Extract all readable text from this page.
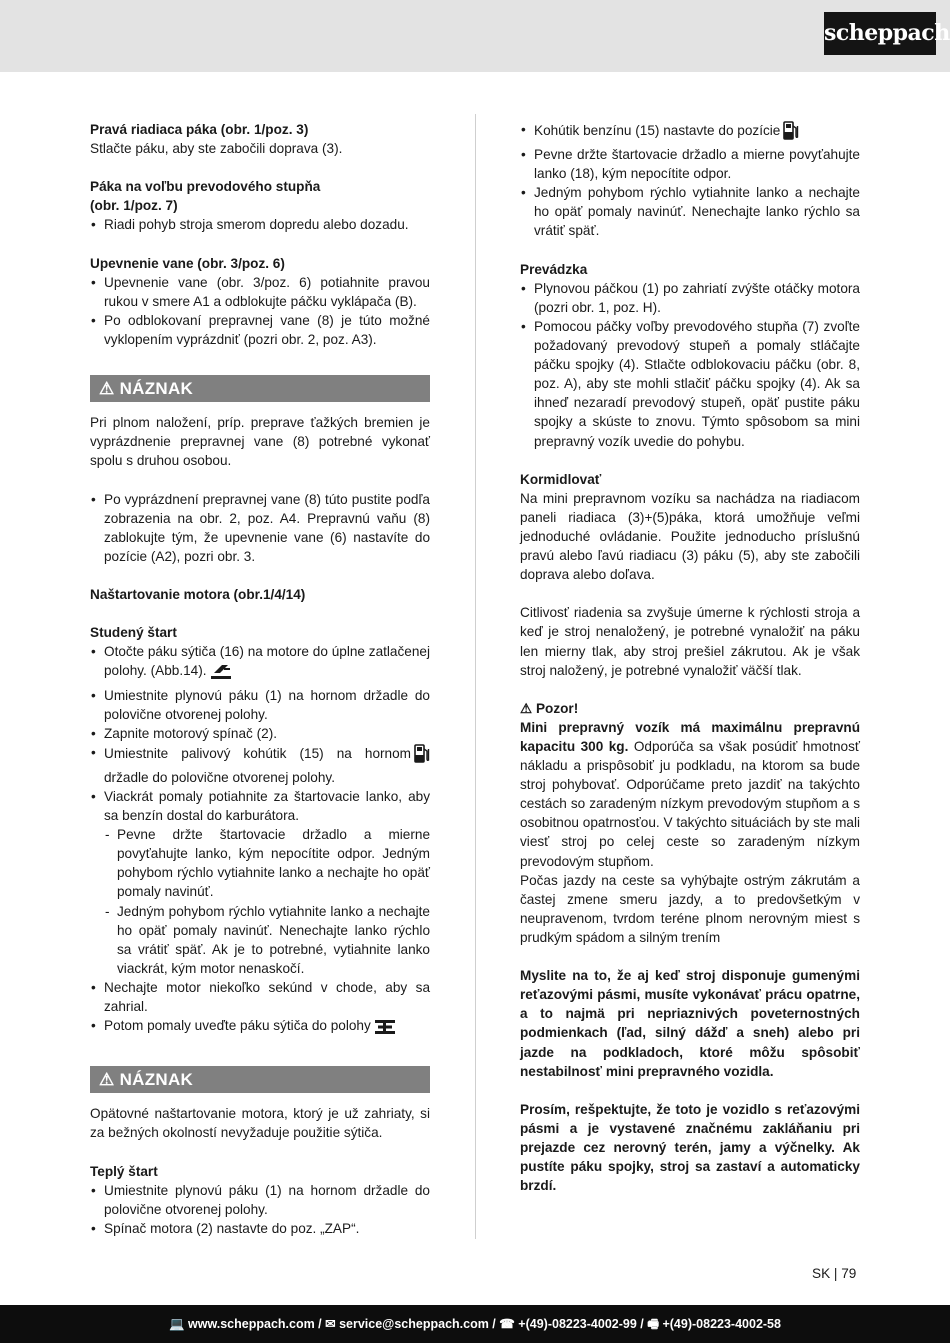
scheppach

Pravá riadiaca páka (obr. 1/poz. 3)

Stlačte páku, aby ste zabočili doprava (3).

Páka na voľbu prevodového stupňa

(obr. 1/poz. 7)

• Riadi pohyb stroja smerom dopredu alebo dozadu.

Upevnenie vane (obr. 3/poz. 6)

• Upevnenie vane (obr. 3/poz. 6) potiahnite pravou rukou v smere A1 a odblokujte páčku vyklápača (B).
• Po odblokovaní prepravnej vane (8) je túto možné vyklopením vyprázdniť (pozri obr. 2, poz. A3).
⚠ NÁZNAK

Pri plnom naložení, príp. preprave ťažkých bremien je vyprázdnenie prepravnej vane (8) potrebné vykonať spolu s druhou osobou.

• Po vyprázdnení prepravnej vane (8) túto pustite podľa zobrazenia na obr. 2, poz. A4. Prepravnú vaňu (8) zablokujte tým, že upevnenie vane (6) nastavíte do pozície (A2), pozri obr. 3.

Naštartovanie motora (obr.1/4/14)

Studený štart

• Otočte páku sýtiča (16) na motore do úplne zatlačenej polohy. (Abb.14).
• Umiestnite plynovú páku (1) na hornom držadle do polovične otvorenej polohy.
• Zapnite motorový spínač (2).
• Umiestnite palivový kohútik (15) na hornom držadle do polovične otvorenej polohy.
• Viackrát pomaly potiahnite za štartovacie lanko, aby sa benzín dostal do karburátora.
- Pevne držte štartovacie držadlo a mierne povyťahujte lanko, kým nepocítite odpor. Jedným pohybom rýchlo vytiahnite lanko a nechajte ho opäť pomaly navinúť.
- Jedným pohybom rýchlo vytiahnite lanko a nechajte ho opäť pomaly navinúť. Nenechajte lanko rýchlo sa vrátiť späť. Ak je to potrebné, vytiahnite lanko viackrát, kým motor nenaskočí.
• Nechajte motor niekoľko sekúnd v chode, aby sa zahrial.
• Potom pomaly uveďte páku sýtiča do polohy
⚠ NÁZNAK

Opätovné naštartovanie motora, ktorý je už zahriaty, si za bežných okolností nevyžaduje použitie sýtiča.

Teplý štart

• Umiestnite plynovú páku (1) na hornom držadle do polovične otvorenej polohy.
• Spínač motora (2) nastavte do poz. „ZAP“.
• Kohútik benzínu (15) nastavte do pozície
• Pevne držte štartovacie držadlo a mierne povyťahujte lanko (18), kým nepocítite odpor.
• Jedným pohybom rýchlo vytiahnite lanko a nechajte ho opäť pomaly navinúť. Nenechajte lanko rýchlo sa vrátiť späť.

Prevádzka

• Plynovou páčkou (1) po zahriatí zvýšte otáčky motora (pozri obr. 1, poz. H).
• Pomocou páčky voľby prevodového stupňa (7) zvoľte požadovaný prevodový stupeň a pomaly stláčajte páčku spojky (4). Stlačte odblokovaciu páčku (obr. 8, poz. A), aby ste mohli stlačiť páčku spojky (4). Ak sa ihneď nezaradí prevodový stupeň, opäť pustite páku spojky a skúste to znovu. Týmto spôsobom sa mini prepravný vozík uvedie do pohybu.

Kormidlovať

Na mini prepravnom vozíku sa nachádza na riadiacom paneli riadiaca (3)+(5)páka, ktorá umožňuje veľmi jednoduché ovládanie. Použite jednoducho príslušnú pravú alebo ľavú riadiacu (3) páku (5), aby ste zabočili doprava alebo doľava.

Citlivosť riadenia sa zvyšuje úmerne k rýchlosti stroja a keď je stroj nenaložený, je potrebné vynaložiť na páku len mierny tlak, aby stroj prešiel zákrutou. Ak je však stroj naložený, je potrebné vynaložiť väčší tlak.

⚠ Pozor!

Mini prepravný vozík má maximálnu prepravnú kapacitu 300 kg. Odporúča sa však posúdiť hmotnosť nákladu a prispôsobiť ju podkladu, na ktorom sa bude stroj pohybovať. Odporúčame preto jazdiť na takýchto cestách so zaradeným nízkym prevodovým stupňom a s osobitnou opatrnosťou. V takýchto situáciách by ste mali viesť stroj po celej ceste so zaradeným nízkym prevodovým stupňom.

Počas jazdy na ceste sa vyhýbajte ostrým zákrutám a častej zmene smeru jazdy, a to predovšetkým v neupravenom, tvrdom teréne plnom nerovným miest s prudkým spádom a silným trením

Myslite na to, že aj keď stroj disponuje gumenými reťazovými pásmi, musíte vykonávať prácu opatrne, a to najmä pri nepriaznivých poveternostných podmienkach (ľad, silný dážď a sneh) alebo pri jazde na podkladoch, ktoré môžu spôsobiť nestabilnosť mini prepravného vozidla.

Prosím, rešpektujte, že toto je vozidlo s reťazovými pásmi a je vystavené značnému zakláňaniu pri prejazde cez nerovný terén, jamy a výčnelky. Ak pustíte páku spojky, stroj sa zastaví a automaticky brzdí.

SK | 79
💻 www.scheppach.com / ✉ service@scheppach.com / ☎ +(49)-08223-4002-99 / 🖷 +(49)-08223-4002-58
